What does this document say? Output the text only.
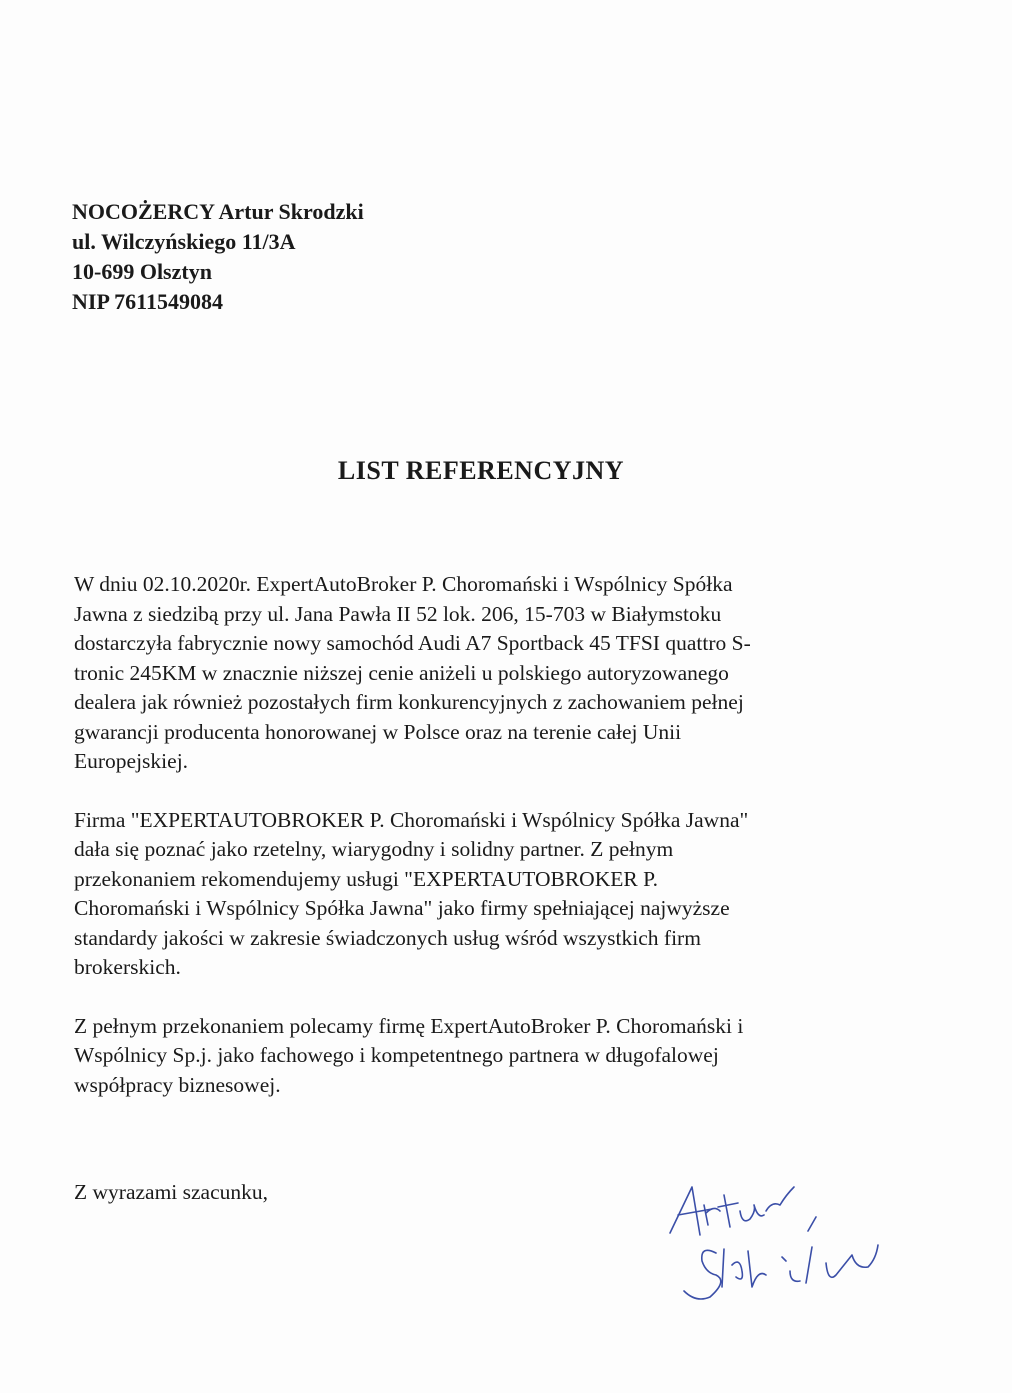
NOCOŻERCY Artur Skrodzki
ul. Wilczyńskiego 11/3A
10-699 Olsztyn
NIP 7611549084
LIST REFERENCYJNY
W dniu 02.10.2020r. ExpertAutoBroker P. Choromański i Wspólnicy Spółka
Jawna z siedzibą przy ul. Jana Pawła II 52 lok. 206, 15-703 w Białymstoku
dostarczyła fabrycznie nowy samochód Audi A7 Sportback 45 TFSI quattro S-
tronic 245KM w znacznie niższej cenie aniżeli u polskiego autoryzowanego
dealera jak również pozostałych firm konkurencyjnych z zachowaniem pełnej
gwarancji producenta honorowanej w Polsce oraz na terenie całej Unii
Europejskiej.
Firma "EXPERTAUTOBROKER P. Choromański i Wspólnicy Spółka Jawna"
dała się poznać jako rzetelny, wiarygodny i solidny partner. Z pełnym
przekonaniem rekomendujemy usługi "EXPERTAUTOBROKER P.
Choromański i Wspólnicy Spółka Jawna" jako firmy spełniającej najwyższe
standardy jakości w zakresie świadczonych usług wśród wszystkich firm
brokerskich.
Z pełnym przekonaniem polecamy firmę ExpertAutoBroker P. Choromański i
Wspólnicy Sp.j. jako fachowego i kompetentnego partnera w długofalowej
współpracy biznesowej.
Z wyrazami szacunku,
